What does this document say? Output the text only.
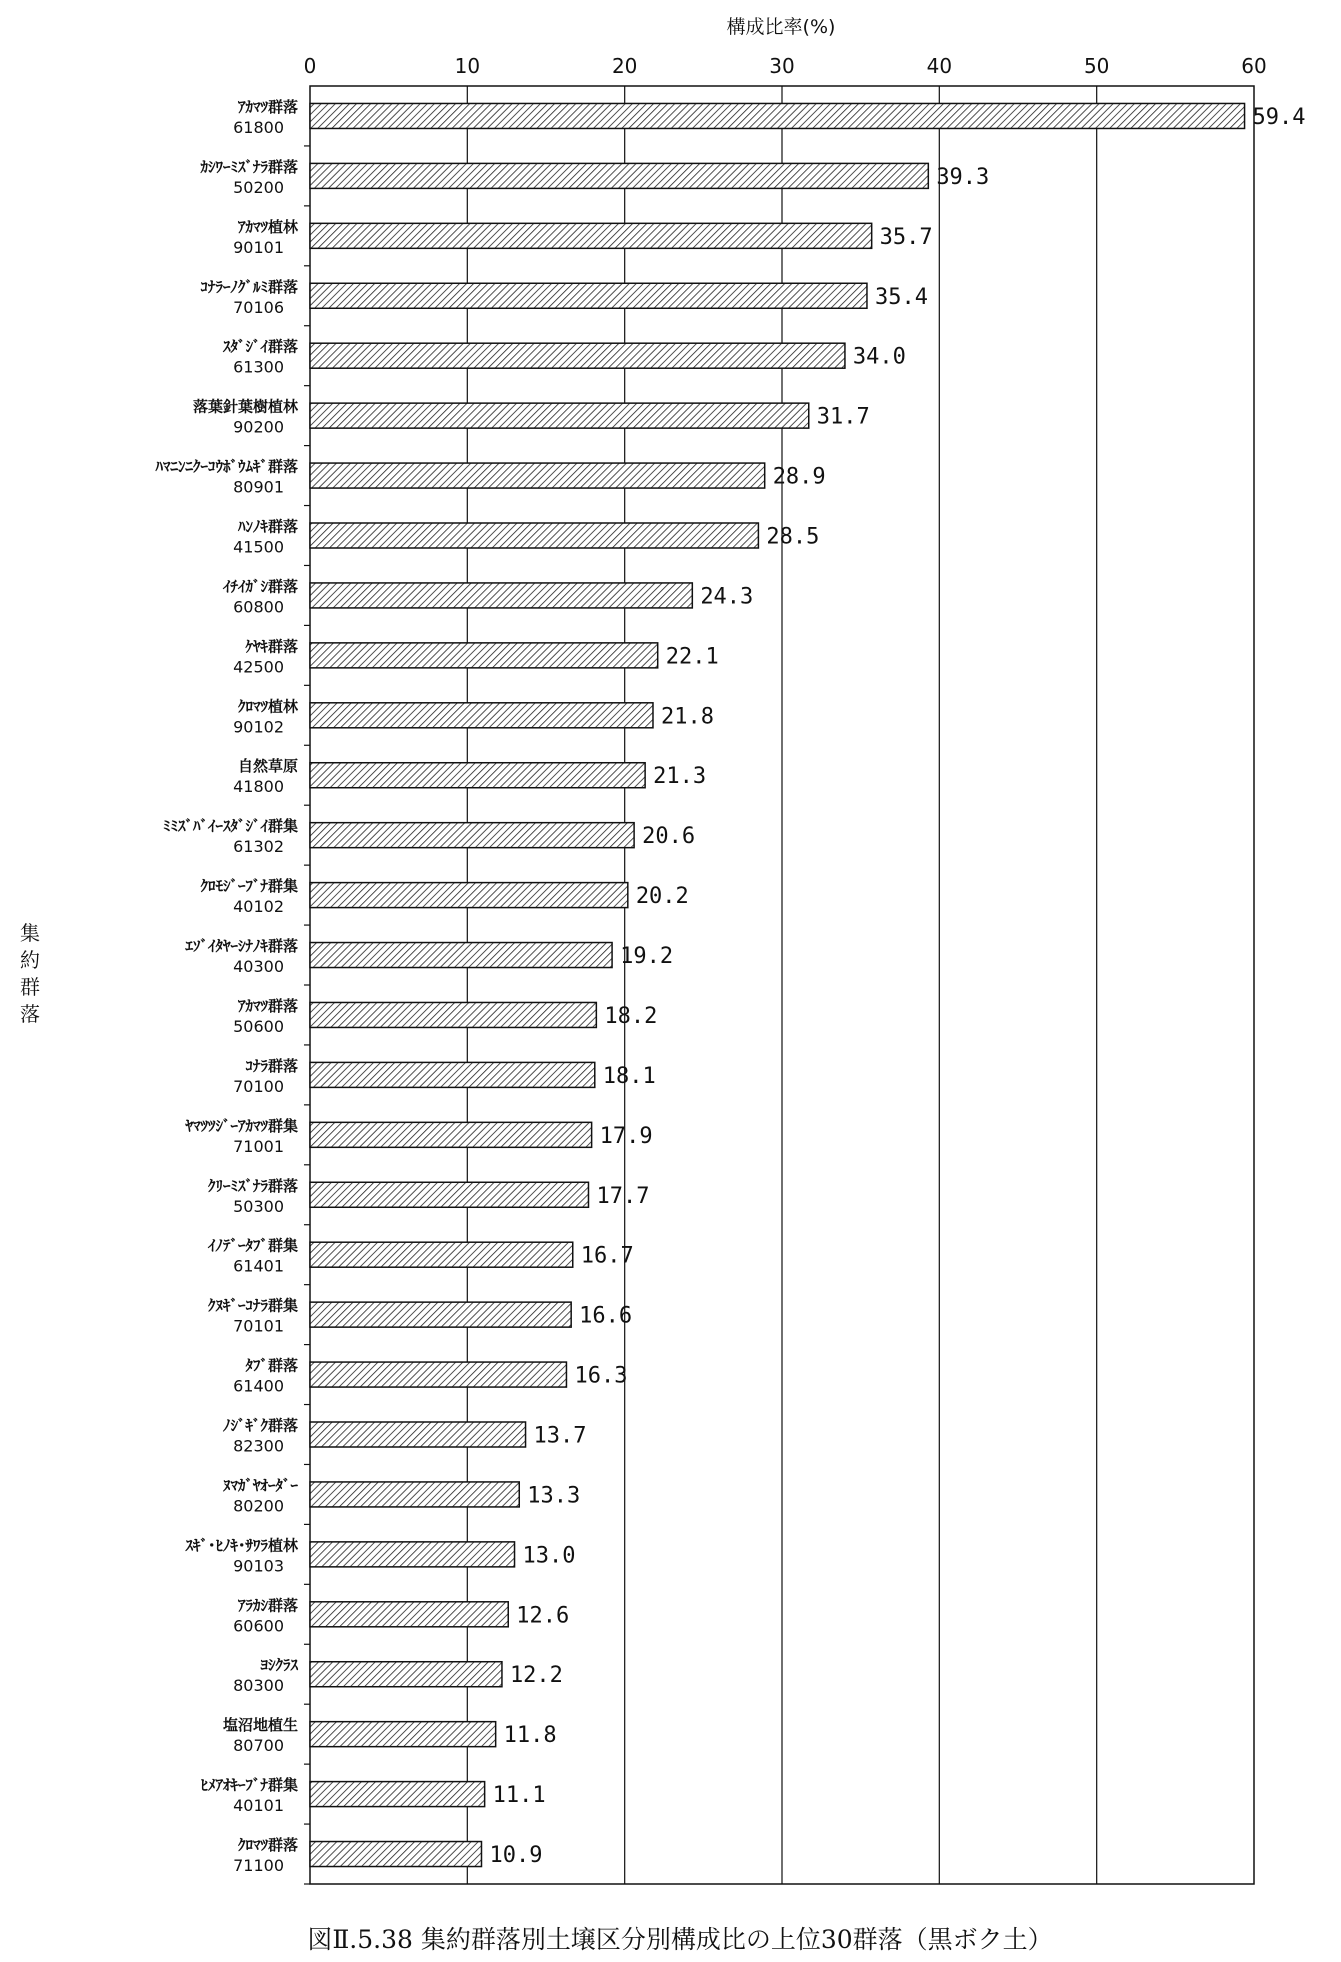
構成比率(%)
0	10	20	30	40	50	60
集
約
群
落
59.4
39.3
35.7
35.4
34.0
31.7
28.9
28.5
24.3
22.1
21.8
21.3
20.6
20.2
19.2
18.2
18.1
17.9
17.7
16.7
16.6
16.3
13.7
13.3
13.0
12.6
12.2
11.8
11.1
10.9
ｱｶﾏﾂ群落
61800
ｶｼﾜｰﾐｽﾞﾅﾗ群落
50200
ｱｶﾏﾂ植林
90101
ｺﾅﾗｰﾉｸﾞﾙﾐ群落
70106
ｽﾀﾞｼﾞｲ群落
61300
落葉針葉樹植林
90200
ﾊﾏﾆﾝﾆｸｰｺｳﾎﾞｳﾑｷﾞ群落
80901
ﾊﾝﾉｷ群落
41500
ｲﾁｲｶﾞｼ群落
60800
ｹﾔｷ群落
42500
ｸﾛﾏﾂ植林
90102
自然草原
41800
ﾐﾐｽﾞﾊﾞｲｰｽﾀﾞｼﾞｲ群集
61302
ｸﾛﾓｼﾞｰﾌﾞﾅ群集
40102
ｴｿﾞｲﾀﾔｰｼﾅﾉｷ群落
40300
ｱｶﾏﾂ群落
50600
ｺﾅﾗ群落
70100
ﾔﾏﾂﾂｼﾞｰｱｶﾏﾂ群集
71001
ｸﾘｰﾐｽﾞﾅﾗ群落
50300
ｲﾉﾃﾞｰﾀﾌﾞ群集
61401
ｸﾇｷﾞｰｺﾅﾗ群集
70101
ﾀﾌﾞ群落
61400
ﾉｼﾞｷﾞｸ群落
82300
ﾇﾏｶﾞﾔｵｰﾀﾞｰ
80200
ｽｷﾞ･ﾋﾉｷ･ｻﾜﾗ植林
90103
ｱﾗｶｼ群落
60600
ﾖｼｸﾗｽ
80300
塩沼地植生
80700
ﾋﾒｱｵｷｰﾌﾞﾅ群集
40101
ｸﾛﾏﾂ群落
71100
図Ⅱ.5.38 集約群落別土壌区分別構成比の上位30群落（黒ボク土）
